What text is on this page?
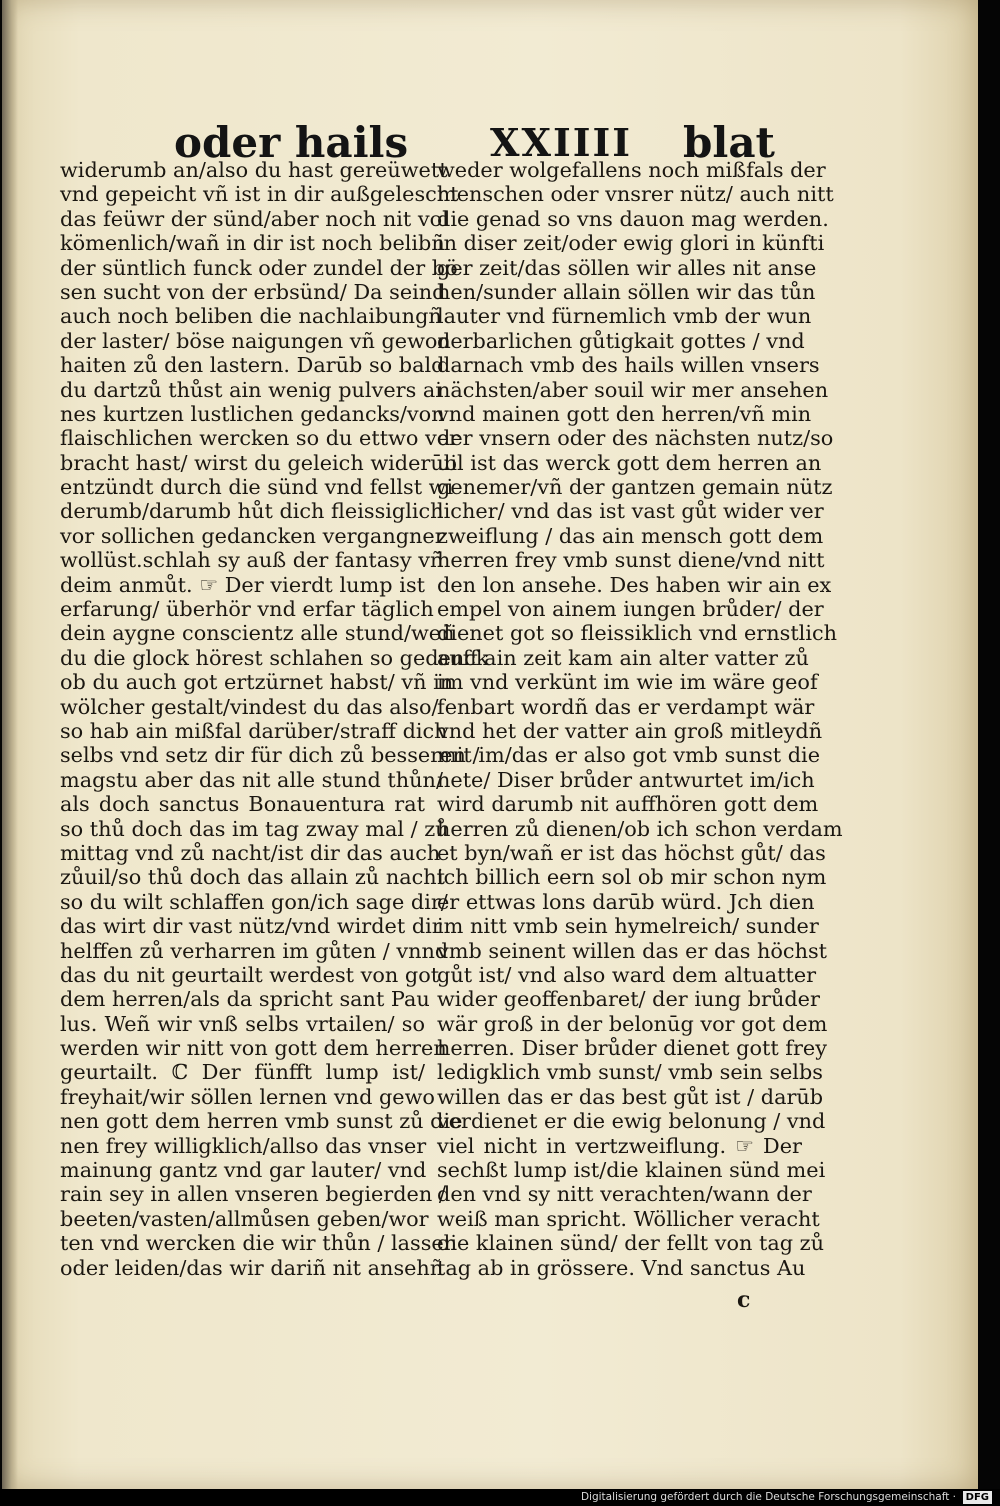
oder hails XXIIII blat
widerumb an/also du hast gereüwett
vnd gepeicht vñ ist in dir außgelescht
das feüwr der sünd/aber noch nit vol
kömenlich/wañ in dir ist noch belibñ
der süntlich funck oder zundel der bö
sen sucht von der erbsünd/ Da seind
auch noch beliben die nachlaibungñ
der laster/ böse naigungen vñ gewon
haiten zů den lastern. Darūb so bald
du dartzů thůst ain wenig pulvers ai
nes kurtzen lustlichen gedancks/von
flaischlichen wercken so du ettwo ver
bracht hast/ wirst du geleich widerūb
entzündt durch die sünd vnd fellst wi
derumb/darumb hůt dich fleissiglich
vor sollichen gedancken vergangner
wollüst.schlah sy auß der fantasy vñ
deim anmůt. ☞ Der vierdt lump ist
erfarung/ überhör vnd erfar täglich
dein aygne conscientz alle stund/weñ
du die glock hörest schlahen so gedenck
ob du auch got ertzürnet habst/ vñ in
wölcher gestalt/vindest du das also/
so hab ain mißfal darüber/straff dich
selbs vnd setz dir für dich zů besseren /
magstu aber das nit alle stund thůn/
als doch sanctus Bonauentura rat
so thů doch das im tag zway mal / zů
mittag vnd zů nacht/ist dir das auch
zůuil/so thů doch das allain zů nacht
so du wilt schlaffen gon/ich sage dir/
das wirt dir vast nütz/vnd wirdet dir
helffen zů verharren im gůten / vnnd
das du nit geurtailt werdest von got
dem herren/als da spricht sant Pau
lus. Weñ wir vnß selbs vrtailen/ so
werden wir nitt von gott dem herren
geurtailt. ℂ Der fünfft lump ist/
freyhait/wir söllen lernen vnd gewo
nen gott dem herren vmb sunst zů die
nen frey willigklich/allso das vnser
mainung gantz vnd gar lauter/ vnd
rain sey in allen vnseren begierden /
beeten/vasten/allmůsen geben/wor
ten vnd wercken die wir thůn / lassen
oder leiden/das wir dariñ nit ansehñ
weder wolgefallens noch mißfals der
menschen oder vnsrer nütz/ auch nitt
die genad so vns dauon mag werden.
in diser zeit/oder ewig glori in künfti
ger zeit/das söllen wir alles nit anse
hen/sunder allain söllen wir das tůn
lauter vnd fürnemlich vmb der wun
derbarlichen gůtigkait gottes / vnd
darnach vmb des hails willen vnsers
nächsten/aber souil wir mer ansehen
vnd mainen gott den herren/vñ min
der vnsern oder des nächsten nutz/so
uil ist das werck gott dem herren an
genemer/vñ der gantzen gemain nütz
licher/ vnd das ist vast gůt wider ver
zweiflung / das ain mensch gott dem
herren frey vmb sunst diene/vnd nitt
den lon ansehe. Des haben wir ain ex
empel von ainem iungen brůder/ der
dienet got so fleissiklich vnd ernstlich
auff ain zeit kam ain alter vatter zů
im vnd verkünt im wie im wäre geof
fenbart wordñ das er verdampt wär
vnd het der vatter ain groß mitleydñ
mit im/das er also got vmb sunst die
nete/ Diser brůder antwurtet im/ich
wird darumb nit auffhören gott dem
herren zů dienen/ob ich schon verdam
et byn/wañ er ist das höchst gůt/ das
ich billich eern sol ob mir schon nym
er ettwas lons darūb würd. Jch dien
im nitt vmb sein hymelreich/ sunder
vmb seinent willen das er das höchst
gůt ist/ vnd also ward dem altuatter
wider geoffenbaret/ der iung brůder
wär groß in der belonūg vor got dem
herren. Diser brůder dienet gott frey
ledigklich vmb sunst/ vmb sein selbs
willen das er das best gůt ist / darūb
verdienet er die ewig belonung / vnd
viel nicht in vertzweiflung. ☞ Der
sechßt lump ist/die klainen sünd mei
den vnd sy nitt verachten/wann der
weiß man spricht. Wöllicher veracht
die klainen sünd/ der fellt von tag zů
tag ab in grössere. Vnd sanctus Au
c
Digitalisierung gefördert durch die Deutsche Forschungsgemeinschaft · DFG
